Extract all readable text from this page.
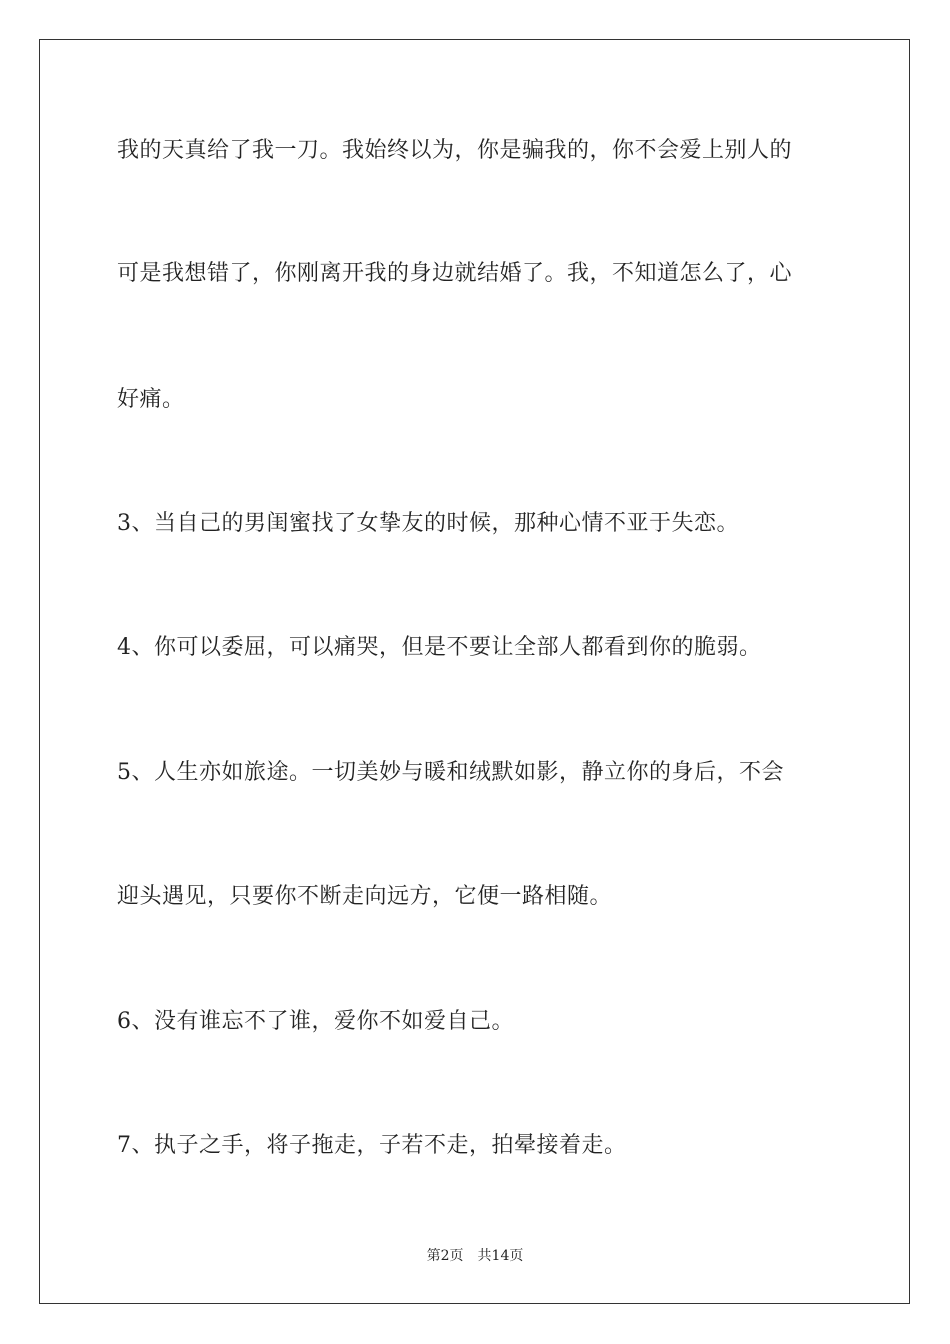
我的天真给了我一刀。我始终以为，你是骗我的，你不会爱上别人的
可是我想错了，你刚离开我的身边就结婚了。我，不知道怎么了，心
好痛。
3、当自己的男闺蜜找了女挚友的时候，那种心情不亚于失恋。
4、你可以委屈，可以痛哭，但是不要让全部人都看到你的脆弱。
5、人生亦如旅途。一切美妙与暖和绒默如影，静立你的身后，不会
迎头遇见，只要你不断走向远方，它便一路相随。
6、没有谁忘不了谁，爱你不如爱自己。
7、执子之手，将子拖走，子若不走，拍晕接着走。
第2页 共14页
